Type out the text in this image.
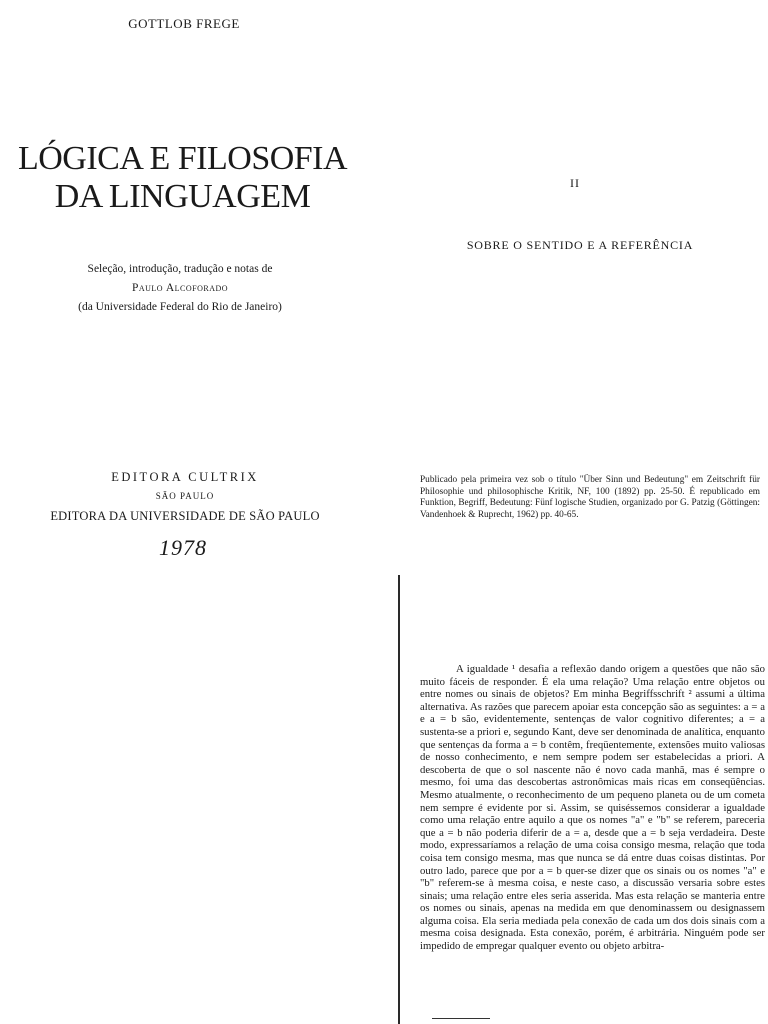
GOTTLOB FREGE
LÓGICA E FILOSOFIA
DA LINGUAGEM
Seleção, introdução, tradução e notas de
Paulo Alcoforado
(da Universidade Federal do Rio de Janeiro)
EDITORA CULTRIX
SÃO PAULO
EDITORA DA UNIVERSIDADE DE SÃO PAULO
1978
II
SOBRE O SENTIDO E A REFERÊNCIA

Publicado pela primeira vez sob o título "Über Sinn und Bedeutung" em Zeitschrift für Philosophie und philosophische Kritik, NF, 100 (1892) pp. 25-50. É republicado em Funktion, Begriff, Bedeutung: Fünf logische Studien, organizado por G. Patzig (Göttingen: Vandenhoek & Ruprecht, 1962) pp. 40-65.

A igualdade ¹ desafia a reflexão dando origem a questões que não são muito fáceis de responder. É ela uma relação? Uma relação entre objetos ou entre nomes ou sinais de objetos? Em minha Begriffsschrift ² assumi a última alternativa. As razões que parecem apoiar esta concepção são as seguintes: a = a e a = b são, evidentemente, sentenças de valor cognitivo diferentes; a = a sustenta-se a priori e, segundo Kant, deve ser denominada de analítica, enquanto que sentenças da forma a = b contêm, freqüentemente, extensões muito valiosas de nosso conhecimento, e nem sempre podem ser estabelecidas a priori. A descoberta de que o sol nascente não é novo cada manhã, mas é sempre o mesmo, foi uma das descobertas astronômicas mais ricas em conseqüências. Mesmo atualmente, o reconhecimento de um pequeno planeta ou de um cometa nem sempre é evidente por si. Assim, se quiséssemos considerar a igualdade como uma relação entre aquilo a que os nomes "a" e "b" se referem, pareceria que a = b não poderia diferir de a = a, desde que a = b seja verdadeira. Deste modo, expressaríamos a relação de uma coisa consigo mesma, relação que toda coisa tem consigo mesma, mas que nunca se dá entre duas coisas distintas. Por outro lado, parece que por a = b quer-se dizer que os sinais ou os nomes "a" e "b" referem-se à mesma coisa, e neste caso, a discussão versaria sobre estes sinais; uma relação entre eles seria asserida. Mas esta relação se manteria entre os nomes ou sinais, apenas na medida em que denominassem ou designassem alguma coisa. Ela seria mediada pela conexão de cada um dos dois sinais com a mesma coisa designada. Esta conexão, porém, é arbitrária. Ninguém pode ser impedido de empregar qualquer evento ou objeto arbitra-
